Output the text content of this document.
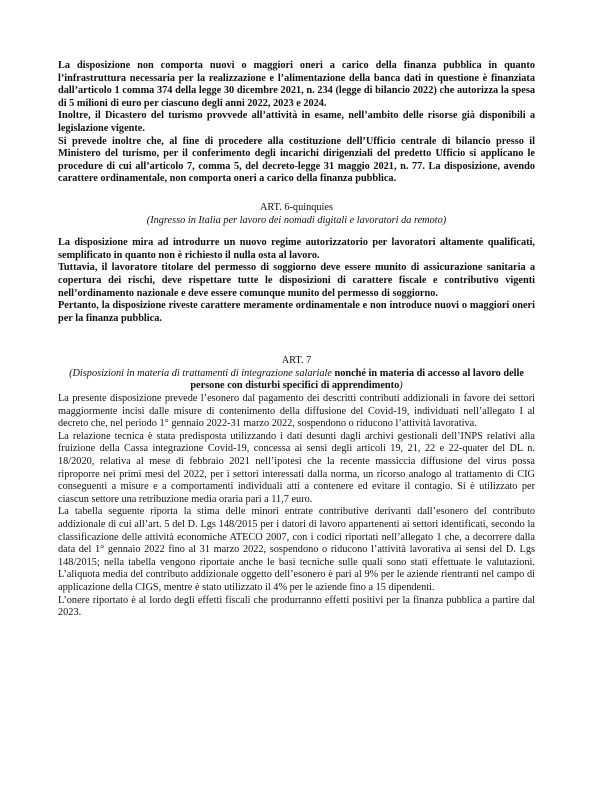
La disposizione non comporta nuovi o maggiori oneri a carico della finanza pubblica in quanto l’infrastruttura necessaria per la realizzazione e l’alimentazione della banca dati in questione è finanziata dall’articolo 1 comma 374 della legge 30 dicembre 2021, n. 234 (legge di bilancio 2022) che autorizza la spesa di 5 milioni di euro per ciascuno degli anni 2022, 2023 e 2024.

Inoltre, il Dicastero del turismo provvede all’attività in esame, nell’ambito delle risorse già disponibili a legislazione vigente.

Si prevede inoltre che, al fine di procedere alla costituzione dell’Ufficio centrale di bilancio presso il Ministero del turismo, per il conferimento degli incarichi dirigenziali del predetto Ufficio si applicano le procedure di cui all’articolo 7, comma 5, del decreto-legge 31 maggio 2021, n. 77. La disposizione, avendo carattere ordinamentale, non comporta oneri a carico della finanza pubblica.

ART. 6-quinquies

(Ingresso in Italia per lavoro dei nomadi digitali e lavoratori da remoto)

La disposizione mira ad introdurre un nuovo regime autorizzatorio per lavoratori altamente qualificati, semplificato in quanto non è richiesto il nulla osta al lavoro.

Tuttavia, il lavoratore titolare del permesso di soggiorno deve essere munito di assicurazione sanitaria a copertura dei rischi, deve rispettare tutte le disposizioni di carattere fiscale e contributivo vigenti nell’ordinamento nazionale e deve essere comunque munito del permesso di soggiorno.

Pertanto, la disposizione riveste carattere meramente ordinamentale e non introduce nuovi o maggiori oneri per la finanza pubblica.

ART. 7

(Disposizioni in materia di trattamenti di integrazione salariale nonché in materia di accesso al lavoro delle persone con disturbi specifici di apprendimento)

La presente disposizione prevede l’esonero dal pagamento dei descritti contributi addizionali in favore dei settori maggiormente incisi dalle misure di contenimento della diffusione del Covid-19, individuati nell’allegato I al decreto che, nel periodo 1° gennaio 2022-31 marzo 2022, sospendono o riducono l’attività lavorativa.

La relazione tecnica è stata predisposta utilizzando i dati desunti dagli archivi gestionali dell’INPS relativi alla fruizione della Cassa integrazione Covid-19, concessa ai sensi degli articoli 19, 21, 22 e 22-quater del DL n. 18/2020, relativa al mese di febbraio 2021 nell’ipotesi che la recente massiccia diffusione del virus possa riproporre nei primi mesi del 2022, per i settori interessati dalla norma, un ricorso analogo al trattamento di CIG conseguenti a misure e a comportamenti individuali atti a contenere ed evitare il contagio. Si è utilizzato per ciascun settore una retribuzione media oraria pari a 11,7 euro.

La tabella seguente riporta la stima delle minori entrate contributive derivanti dall’esonero del contributo addizionale di cui all’art. 5 del D. Lgs 148/2015 per i datori di lavoro appartenenti ai settori identificati, secondo la classificazione delle attività economiche ATECO 2007, con i codici riportati nell’allegato 1 che, a decorrere dalla data del 1° gennaio 2022 fino al 31 marzo 2022, sospendono o riducono l’attività lavorativa ai sensi del D. Lgs 148/2015; nella tabella vengono riportate anche le basi tecniche sulle quali sono stati effettuate le valutazioni. L’aliquota media del contributo addizionale oggetto dell’esonero è pari al 9% per le aziende rientranti nel campo di applicazione della CIGS, mentre è stato utilizzato il 4% per le aziende fino a 15 dipendenti.

L’onere riportato è al lordo degli effetti fiscali che produrranno effetti positivi per la finanza pubblica a partire dal 2023.
